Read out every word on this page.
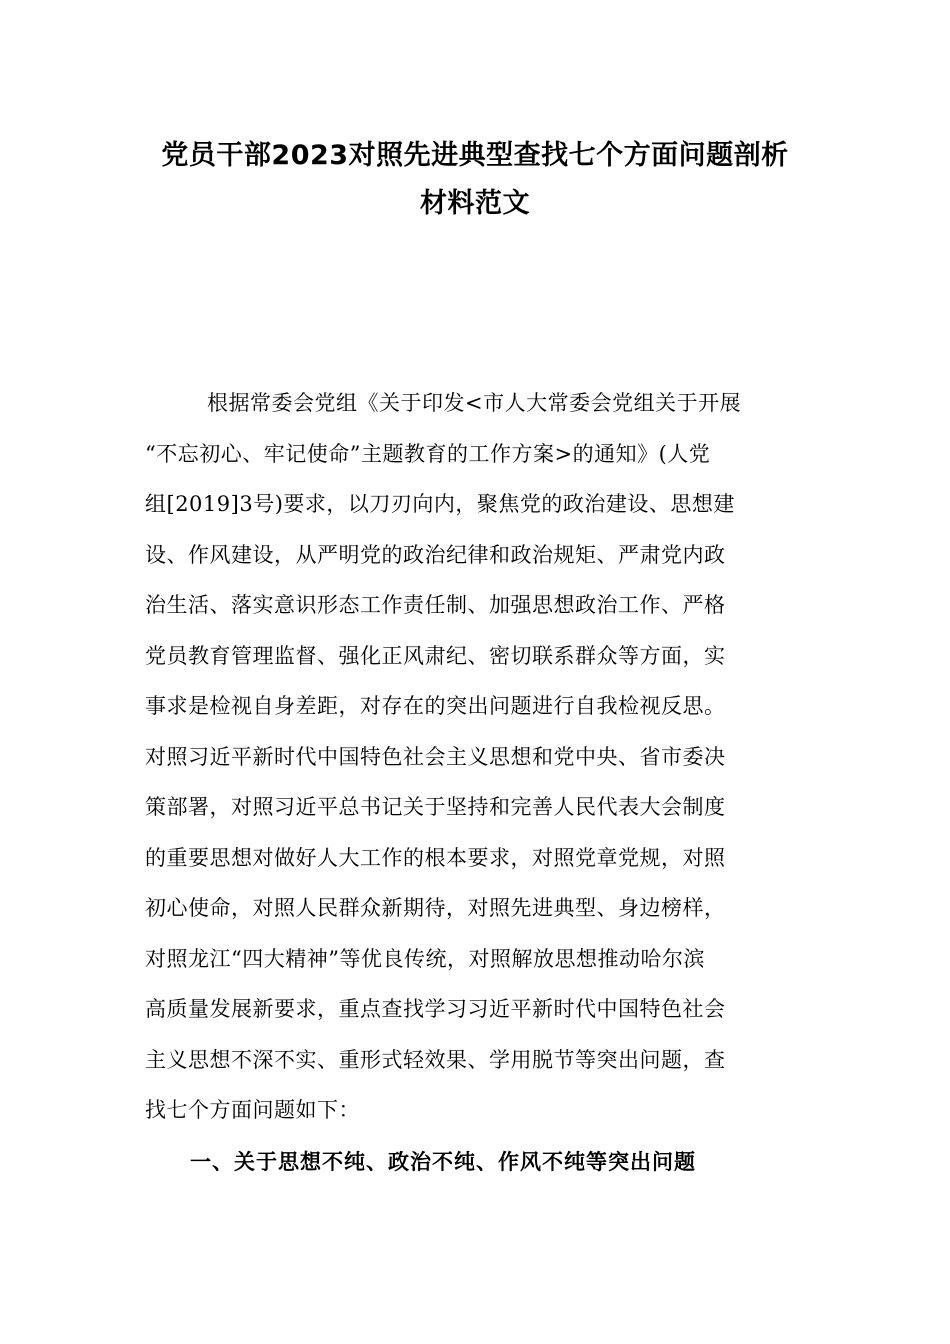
党员干部2023对照先进典型查找七个方面问题剖析
材料范文
根据常委会党组《关于印发<市人大常委会党组关于开展
“不忘初心、牢记使命”主题教育的工作方案>的通知》(人党
组[2019]3号)要求，以刀刃向内，聚焦党的政治建设、思想建
设、作风建设，从严明党的政治纪律和政治规矩、严肃党内政
治生活、落实意识形态工作责任制、加强思想政治工作、严格
党员教育管理监督、强化正风肃纪、密切联系群众等方面，实
事求是检视自身差距，对存在的突出问题进行自我检视反思。
对照习近平新时代中国特色社会主义思想和党中央、省市委决
策部署，对照习近平总书记关于坚持和完善人民代表大会制度
的重要思想对做好人大工作的根本要求，对照党章党规，对照
初心使命，对照人民群众新期待，对照先进典型、身边榜样，
对照龙江“四大精神”等优良传统，对照解放思想推动哈尔滨
高质量发展新要求，重点查找学习习近平新时代中国特色社会
主义思想不深不实、重形式轻效果、学用脱节等突出问题，查
找七个方面问题如下：
一、关于思想不纯、政治不纯、作风不纯等突出问题
